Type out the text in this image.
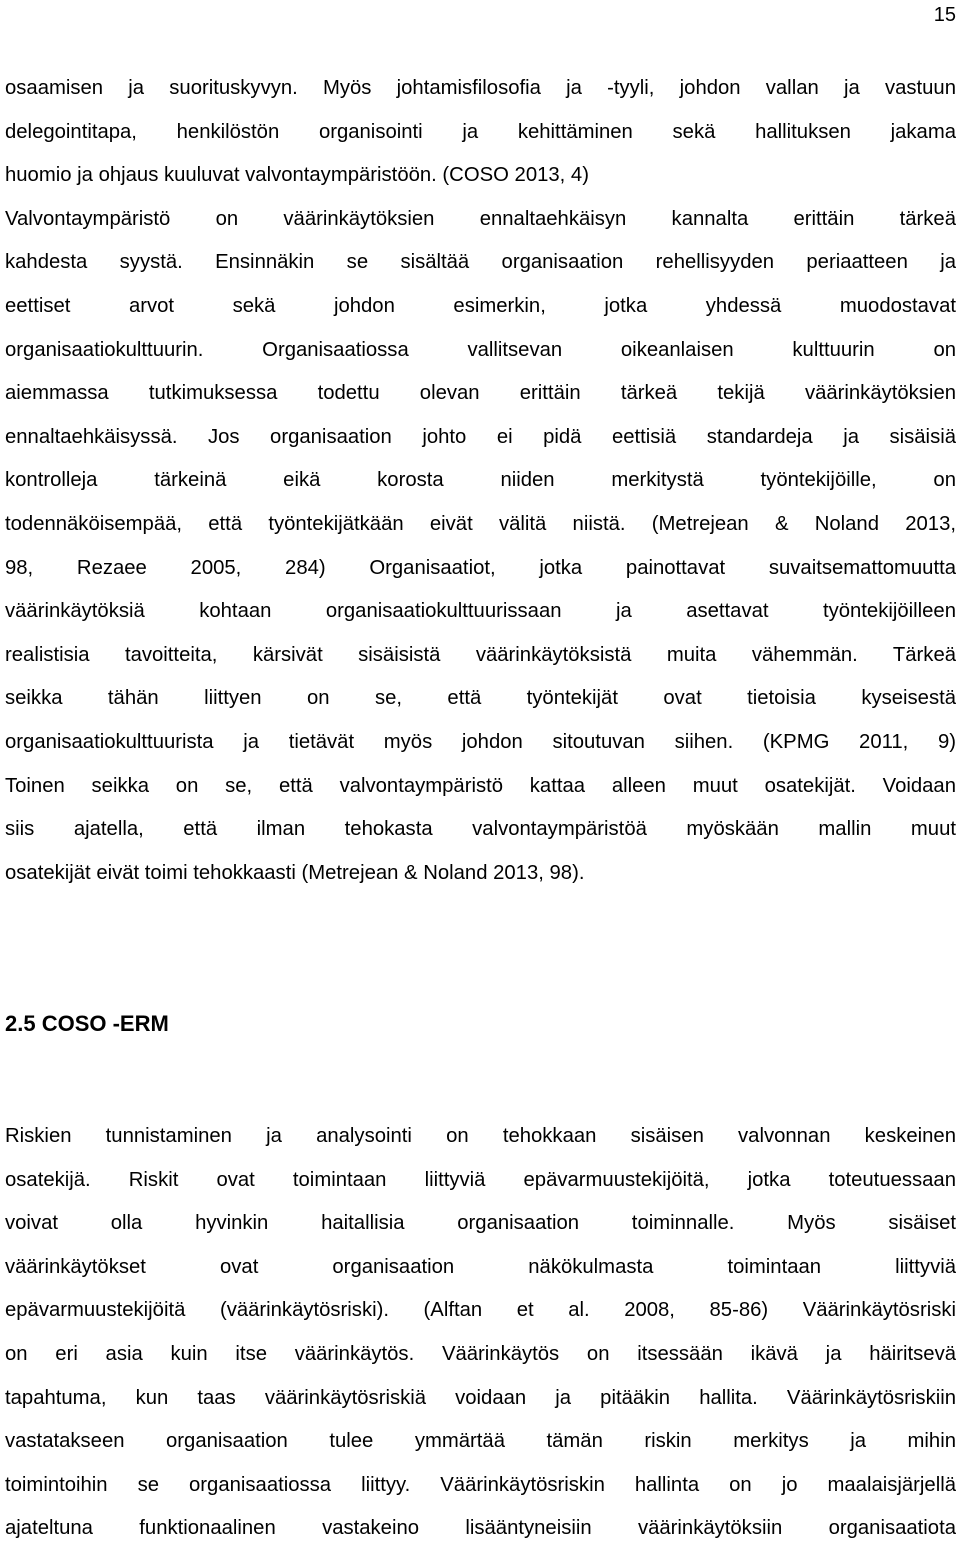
15
osaamisen ja suorituskyvyn. Myös johtamisfilosofia ja -tyyli, johdon vallan ja vastuun
delegointitapa, henkilöstön organisointi ja kehittäminen sekä hallituksen jakama
huomio ja ohjaus kuuluvat valvontaympäristöön. (COSO 2013, 4)
Valvontaympäristö on väärinkäytöksien ennaltaehkäisyn kannalta erittäin tärkeä
kahdesta syystä. Ensinnäkin se sisältää organisaation rehellisyyden periaatteen ja
eettiset arvot sekä johdon esimerkin, jotka yhdessä muodostavat
organisaatiokulttuurin. Organisaatiossa vallitsevan oikeanlaisen kulttuurin on
aiemmassa tutkimuksessa todettu olevan erittäin tärkeä tekijä väärinkäytöksien
ennaltaehkäisyssä. Jos organisaation johto ei pidä eettisiä standardeja ja sisäisiä
kontrolleja tärkeinä eikä korosta niiden merkitystä työntekijöille, on
todennäköisempää, että työntekijätkään eivät välitä niistä. (Metrejean & Noland 2013,
98, Rezaee 2005, 284) Organisaatiot, jotka painottavat suvaitsemattomuutta
väärinkäytöksiä kohtaan organisaatiokulttuurissaan ja asettavat työntekijöilleen
realistisia tavoitteita, kärsivät sisäisistä väärinkäytöksistä muita vähemmän. Tärkeä
seikka tähän liittyen on se, että työntekijät ovat tietoisia kyseisestä
organisaatiokulttuurista ja tietävät myös johdon sitoutuvan siihen. (KPMG 2011, 9)
Toinen seikka on se, että valvontaympäristö kattaa alleen muut osatekijät. Voidaan
siis ajatella, että ilman tehokasta valvontaympäristöä myöskään mallin muut
osatekijät eivät toimi tehokkaasti (Metrejean & Noland 2013, 98).
2.5 COSO -ERM
Riskien tunnistaminen ja analysointi on tehokkaan sisäisen valvonnan keskeinen
osatekijä. Riskit ovat toimintaan liittyviä epävarmuustekijöitä, jotka toteutuessaan
voivat olla hyvinkin haitallisia organisaation toiminnalle. Myös sisäiset
väärinkäytökset ovat organisaation näkökulmasta toimintaan liittyviä
epävarmuustekijöitä (väärinkäytösriski). (Alftan et al. 2008, 85-86) Väärinkäytösriski
on eri asia kuin itse väärinkäytös. Väärinkäytös on itsessään ikävä ja häiritsevä
tapahtuma, kun taas väärinkäytösriskiä voidaan ja pitääkin hallita. Väärinkäytösriskiin
vastatakseen organisaation tulee ymmärtää tämän riskin merkitys ja mihin
toimintoihin se organisaatiossa liittyy. Väärinkäytösriskin hallinta on jo maalaisjärjellä
ajateltuna funktionaalinen vastakeino lisääntyneisiin väärinkäytöksiin organisaatiota
